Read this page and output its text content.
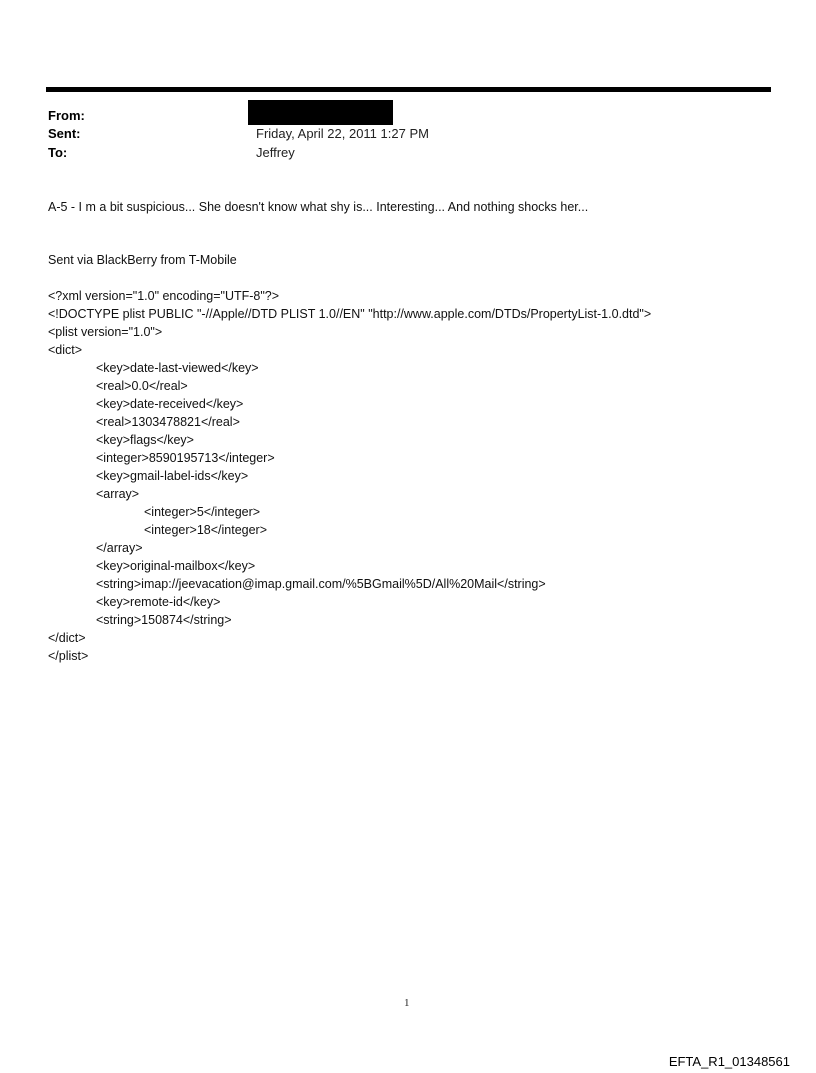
From:
Sent:	Friday, April 22, 2011 1:27 PM
To:	Jeffrey
A-5 - I m a bit suspicious... She doesn't know what shy is... Interesting... And nothing shocks her...
Sent via BlackBerry from T-Mobile
<?xml version="1.0" encoding="UTF-8"?>
<!DOCTYPE plist PUBLIC "-//Apple//DTD PLIST 1.0//EN" "http://www.apple.com/DTDs/PropertyList-1.0.dtd">
<plist version="1.0">
<dict>
<key>date-last-viewed</key>
<real>0.0</real>
<key>date-received</key>
<real>1303478821</real>
<key>flags</key>
<integer>8590195713</integer>
<key>gmail-label-ids</key>
<array>
<integer>5</integer>
<integer>18</integer>
</array>
<key>original-mailbox</key>
<string>imap://jeevacation@imap.gmail.com/%5BGmail%5D/All%20Mail</string>
<key>remote-id</key>
<string>150874</string>
</dict>
</plist>
1
EFTA_R1_01348561
